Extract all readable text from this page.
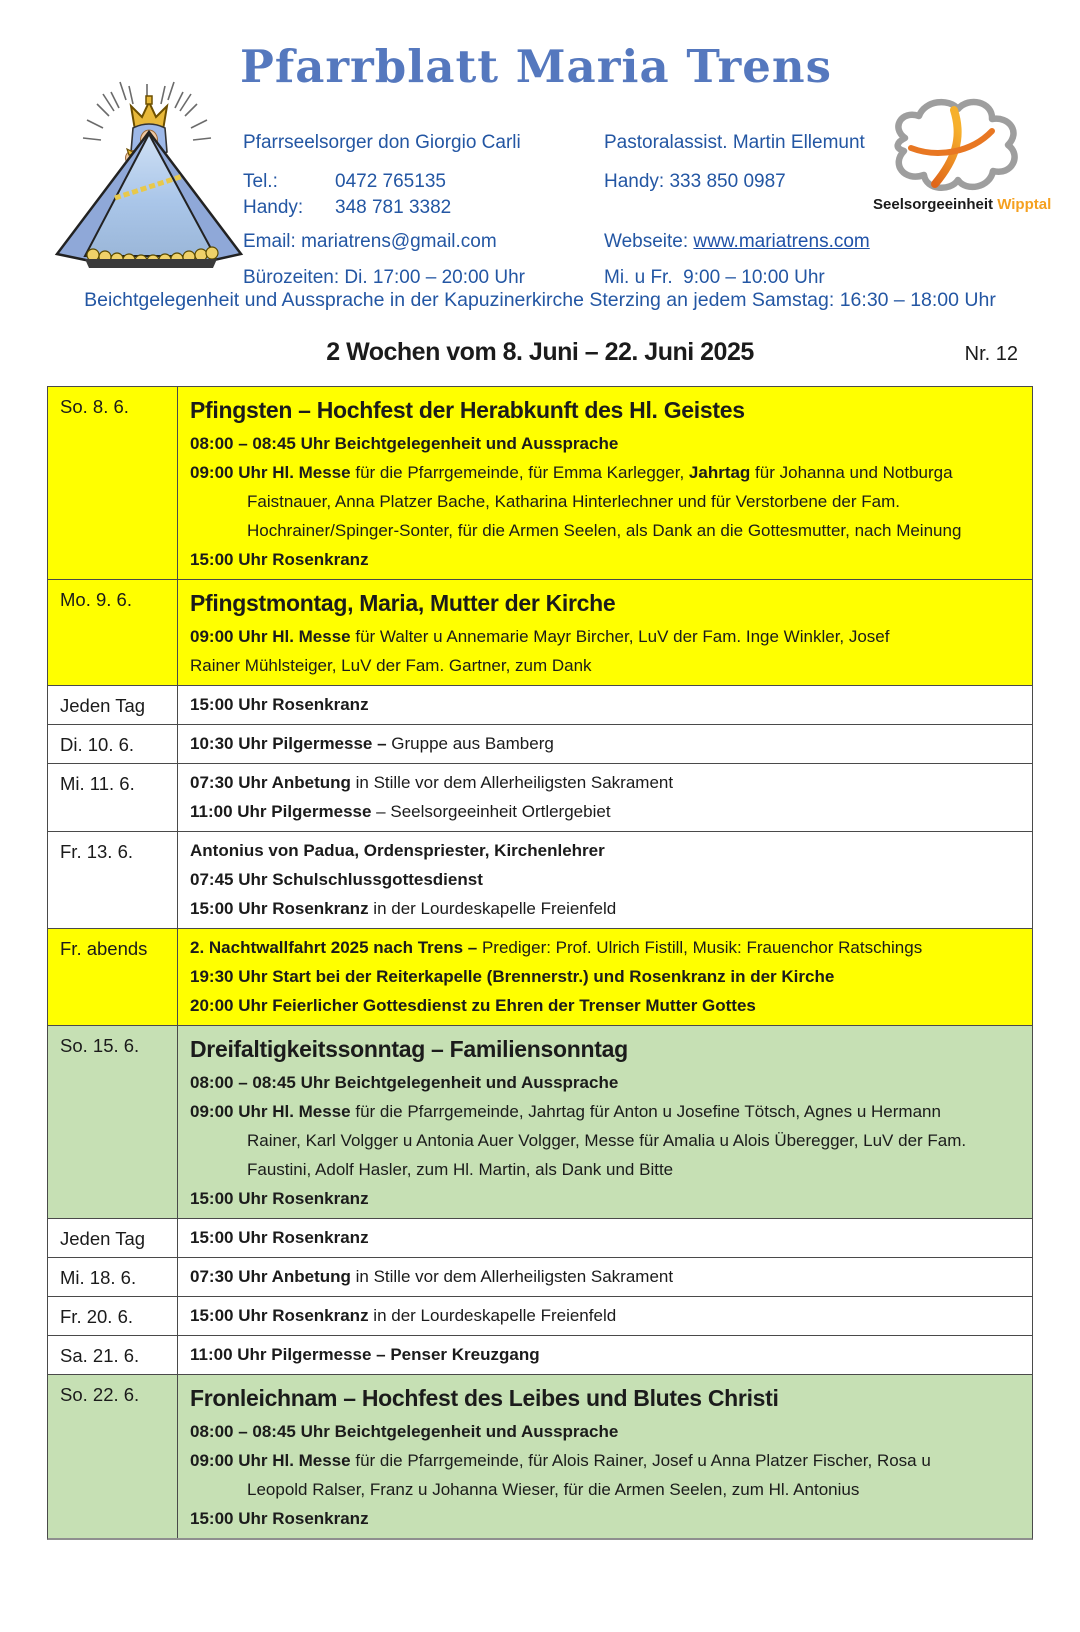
Pfarrblatt Maria Trens
Pfarrseelsorger don Giorgio Carli
Tel.:	0472 765135
Handy: 348 781 3382
Email: mariatrens@gmail.com
Bürozeiten: Di. 17:00 – 20:00 Uhr
Pastoralassist. Martin Ellemunt
Handy: 333 850 0987
Webseite: www.mariatrens.com
Mi. u Fr.  9:00 – 10:00 Uhr
Beichtgelegenheit und Aussprache in der Kapuzinerkirche Sterzing an jedem Samstag: 16:30 – 18:00 Uhr
Seelsorgeeinheit Wipptal
2 Wochen vom 8. Juni – 22. Juni 2025	Nr. 12
So. 8. 6.	Pfingsten – Hochfest der Herabkunft des Hl. Geistes
08:00 – 08:45 Uhr Beichtgelegenheit und Aussprache
09:00 Uhr Hl. Messe für die Pfarrgemeinde, für Emma Karlegger, Jahrtag für Johanna und Notburga
Faistnauer, Anna Platzer Bache, Katharina Hinterlechner und für Verstorbene der Fam.
Hochrainer/Spinger-Sonter, für die Armen Seelen, als Dank an die Gottesmutter, nach Meinung
15:00 Uhr Rosenkranz
Mo. 9. 6.	Pfingstmontag, Maria, Mutter der Kirche
09:00 Uhr Hl. Messe für Walter u Annemarie Mayr Bircher, LuV der Fam. Inge Winkler, Josef
Rainer Mühlsteiger, LuV der Fam. Gartner, zum Dank
Jeden Tag	15:00 Uhr Rosenkranz
Di. 10. 6.	10:30 Uhr Pilgermesse – Gruppe aus Bamberg
Mi. 11. 6.	07:30 Uhr Anbetung in Stille vor dem Allerheiligsten Sakrament
11:00 Uhr Pilgermesse – Seelsorgeeinheit Ortlergebiet
Fr. 13. 6.	Antonius von Padua, Ordenspriester, Kirchenlehrer
07:45 Uhr Schulschlussgottesdienst
15:00 Uhr Rosenkranz in der Lourdeskapelle Freienfeld
Fr. abends	2. Nachtwallfahrt 2025 nach Trens – Prediger: Prof. Ulrich Fistill, Musik: Frauenchor Ratschings
19:30 Uhr Start bei der Reiterkapelle (Brennerstr.) und Rosenkranz in der Kirche
20:00 Uhr Feierlicher Gottesdienst zu Ehren der Trenser Mutter Gottes
So. 15. 6.	Dreifaltigkeitssonntag – Familiensonntag
08:00 – 08:45 Uhr Beichtgelegenheit und Aussprache
09:00 Uhr Hl. Messe für die Pfarrgemeinde, Jahrtag für Anton u Josefine Tötsch, Agnes u Hermann
Rainer, Karl Volgger u Antonia Auer Volgger, Messe für Amalia u Alois Überegger, LuV der Fam.
Faustini, Adolf Hasler, zum Hl. Martin, als Dank und Bitte
15:00 Uhr Rosenkranz
Jeden Tag	15:00 Uhr Rosenkranz
Mi. 18. 6.	07:30 Uhr Anbetung in Stille vor dem Allerheiligsten Sakrament
Fr. 20. 6.	15:00 Uhr Rosenkranz in der Lourdeskapelle Freienfeld
Sa. 21. 6.	11:00 Uhr Pilgermesse – Penser Kreuzgang
So. 22. 6.	Fronleichnam – Hochfest des Leibes und Blutes Christi
08:00 – 08:45 Uhr Beichtgelegenheit und Aussprache
09:00 Uhr Hl. Messe für die Pfarrgemeinde, für Alois Rainer, Josef u Anna Platzer Fischer, Rosa u
Leopold Ralser, Franz u Johanna Wieser, für die Armen Seelen, zum Hl. Antonius
15:00 Uhr Rosenkranz
